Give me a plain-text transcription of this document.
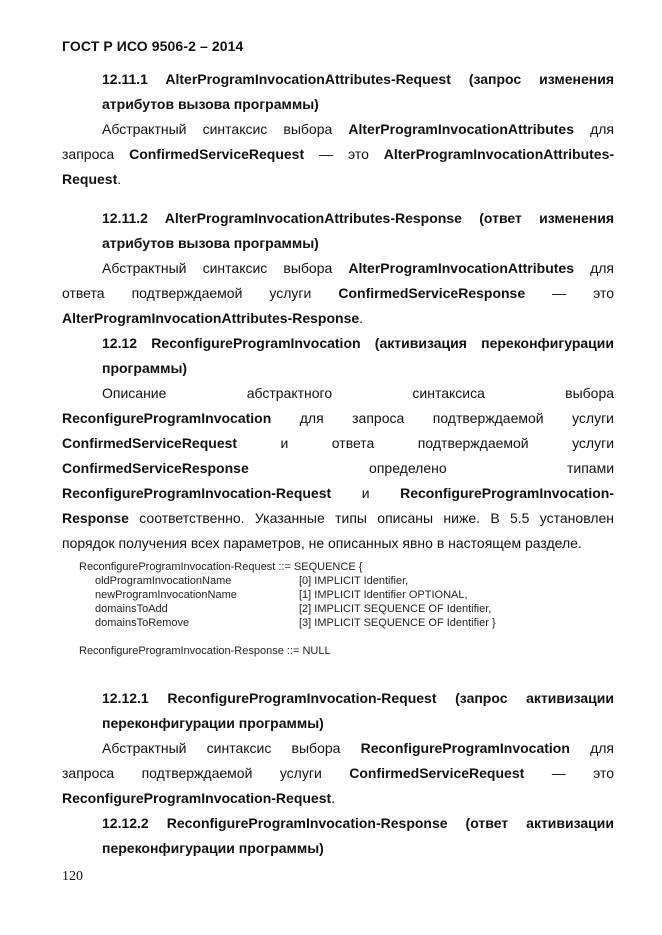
ГОСТ Р ИСО 9506-2 – 2014
12.11.1 AlterProgramInvocationAttributes-Request (запрос изменения
атрибутов вызова программы)
Абстрактный синтаксис выбора AlterProgramInvocationAttributes для
запроса ConfirmedServiceRequest — это AlterProgramInvocationAttributes-
Request.
12.11.2 AlterProgramInvocationAttributes-Response (ответ изменения
атрибутов вызова программы)
Абстрактный синтаксис выбора AlterProgramInvocationAttributes для
ответа подтверждаемой услуги ConfirmedServiceResponse — это
AlterProgramInvocationAttributes-Response.
12.12 ReconfigureProgramInvocation (активизация переконфигурации
программы)
Описание	абстрактного	синтаксиса	выбора
ReconfigureProgramInvocation для запроса подтверждаемой услуги
ConfirmedServiceRequest	и	ответа	подтверждаемой	услуги
ConfirmedServiceResponse	определено	типами
ReconfigureProgramInvocation-Request и ReconfigureProgramInvocation-
Response соответственно. Указанные типы описаны ниже. В 5.5 установлен
порядок получения всех параметров, не описанных явно в настоящем разделе.
ReconfigureProgramInvocation-Request ::= SEQUENCE {
oldProgramInvocationName	[0] IMPLICIT Identifier,
newProgramInvocationName	[1] IMPLICIT Identifier OPTIONAL,
domainsToAdd	[2] IMPLICIT SEQUENCE OF Identifier,
domainsToRemove	[3] IMPLICIT SEQUENCE OF Identifier }
ReconfigureProgramInvocation-Response ::= NULL
12.12.1 ReconfigureProgramInvocation-Request (запрос активизации
переконфигурации программы)
Абстрактный синтаксис выбора ReconfigureProgramInvocation для
запроса подтверждаемой услуги ConfirmedServiceRequest — это
ReconfigureProgramInvocation-Request.
12.12.2 ReconfigureProgramInvocation-Response (ответ активизации
переконфигурации программы)
120
